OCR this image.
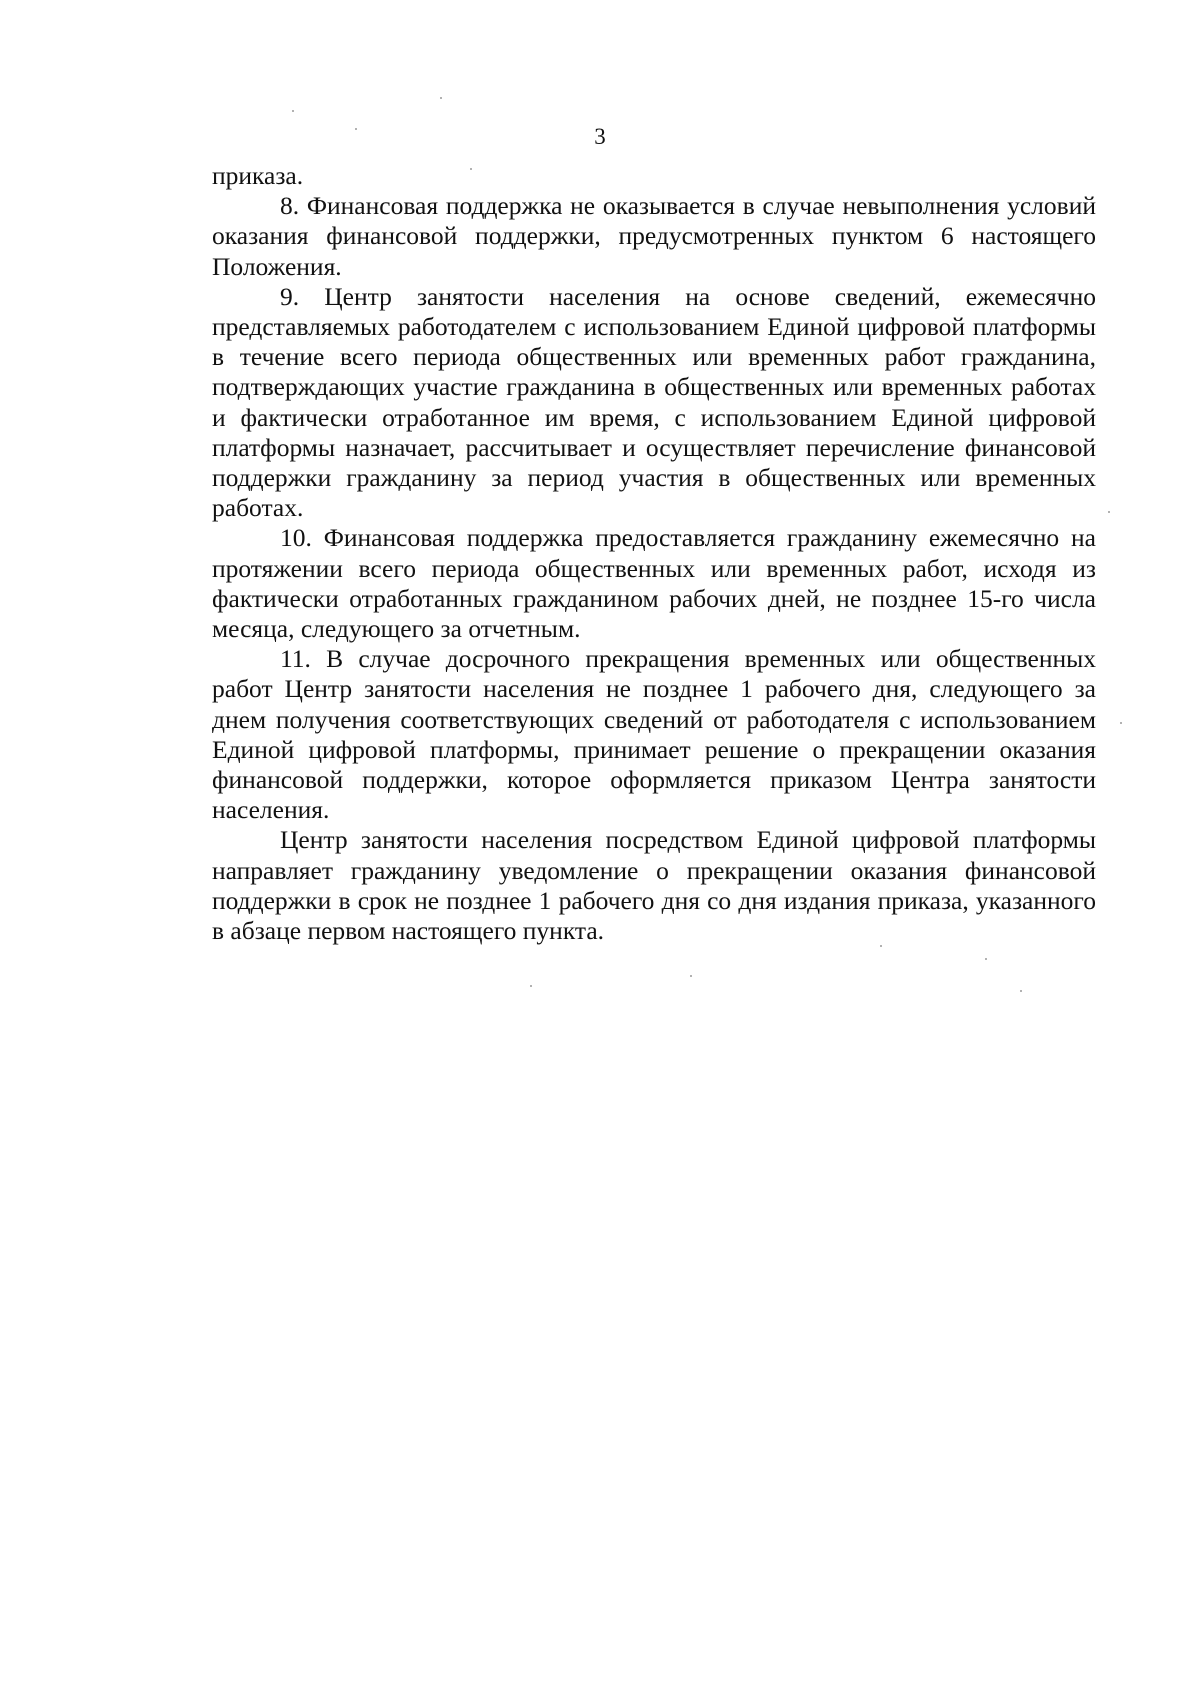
3

приказа.

8. Финансовая поддержка не оказывается в случае невыполнения условий оказания финансовой поддержки, предусмотренных пунктом 6 настоящего Положения.

9. Центр занятости населения на основе сведений, ежемесячно представляемых работодателем с использованием Единой цифровой платформы в течение всего периода общественных или временных работ гражданина, подтверждающих участие гражданина в общественных или временных работах и фактически отработанное им время, с использованием Единой цифровой платформы назначает, рассчитывает и осуществляет перечисление финансовой поддержки гражданину за период участия в общественных или временных работах.

10. Финансовая поддержка предоставляется гражданину ежемесячно на протяжении всего периода общественных или временных работ, исходя из фактически отработанных гражданином рабочих дней, не позднее 15-го числа месяца, следующего за отчетным.

11. В случае досрочного прекращения временных или общественных работ Центр занятости населения не позднее 1 рабочего дня, следующего за днем получения соответствующих сведений от работодателя с использованием Единой цифровой платформы, принимает решение о прекращении оказания финансовой поддержки, которое оформляется приказом Центра занятости населения.

Центр занятости населения посредством Единой цифровой платформы направляет гражданину уведомление о прекращении оказания финансовой поддержки в срок не позднее 1 рабочего дня со дня издания приказа, указанного в абзаце первом настоящего пункта.
